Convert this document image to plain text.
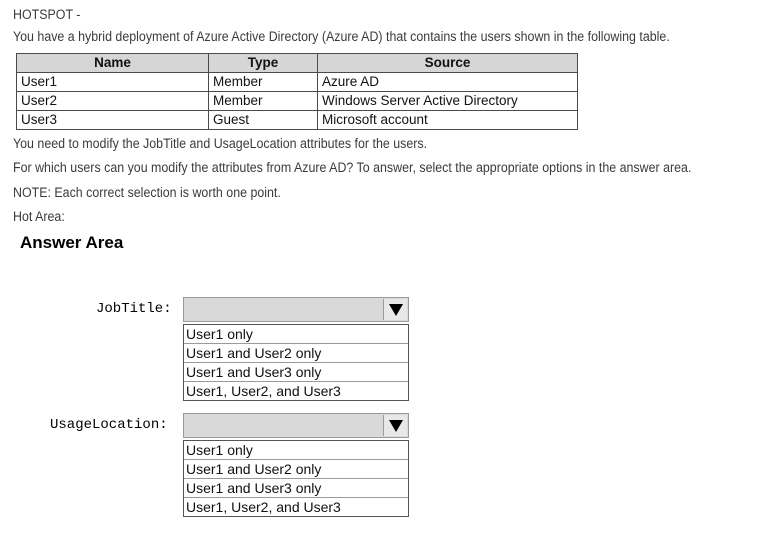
HOTSPOT -
You have a hybrid deployment of Azure Active Directory (Azure AD) that contains the users shown in the following table.
Name	Type	Source
User1	Member	Azure AD
User2	Member	Windows Server Active Directory
User3	Guest	Microsoft account
You need to modify the JobTitle and UsageLocation attributes for the users.
For which users can you modify the attributes from Azure AD? To answer, select the appropriate options in the answer area.
NOTE: Each correct selection is worth one point.
Hot Area:
Answer Area
JobTitle:
User1 only
User1 and User2 only
User1 and User3 only
User1, User2, and User3
UsageLocation:
User1 only
User1 and User2 only
User1 and User3 only
User1, User2, and User3
